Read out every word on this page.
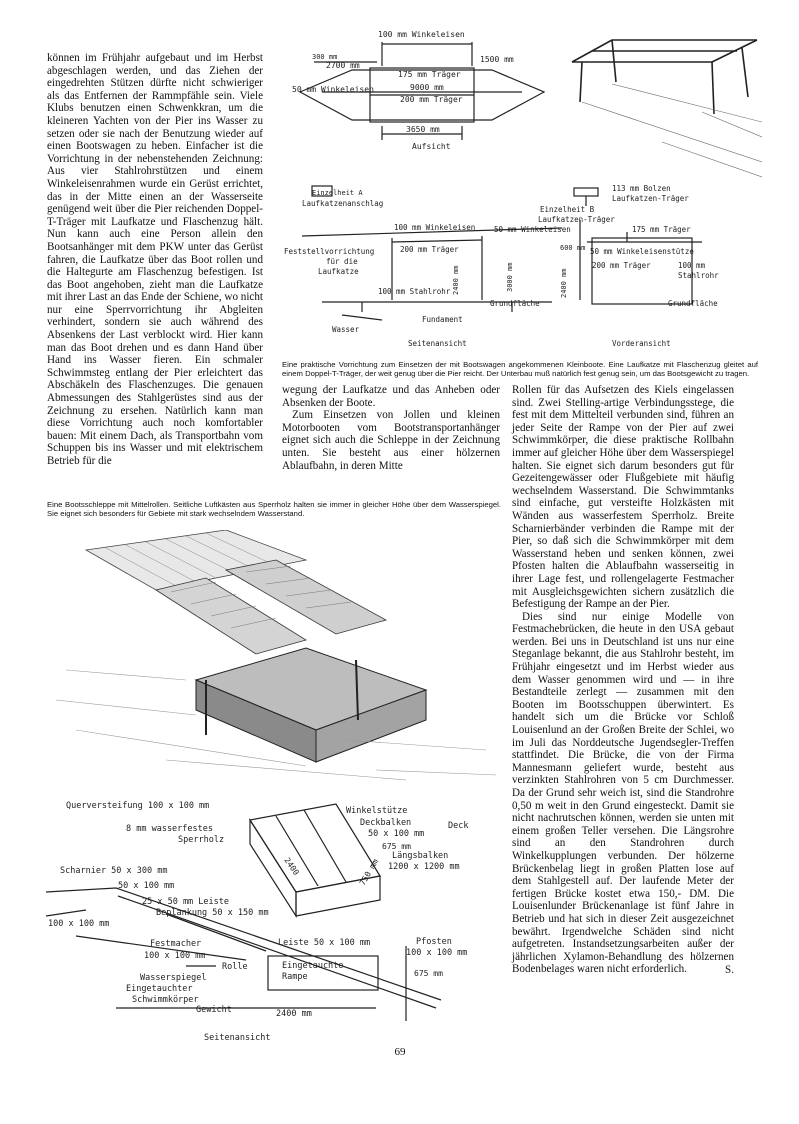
können im Frühjahr aufgebaut und im Herbst abgeschlagen werden, und das Ziehen der eingedrehten Stützen dürfte nicht schwieriger als das Entfernen der Rammpfähle sein. Viele Klubs benutzen einen Schwenkkran, um die kleineren Yachten von der Pier ins Wasser zu setzen oder sie nach der Benutzung wieder auf einen Bootswagen zu heben. Einfacher ist die Vorrichtung in der nebenstehenden Zeichnung: Aus vier Stahlrohrstützen und einem Winkeleisenrahmen wurde ein Gerüst errichtet, das in der Mitte einen an der Wasserseite genügend weit über die Pier reichenden Doppel-T-Träger mit Laufkatze und Flaschenzug hält. Nun kann auch eine Person allein den Bootsanhänger mit dem PKW unter das Gerüst fahren, die Laufkatze über das Boot rollen und die Haltegurte am Flaschenzug befestigen. Ist das Boot angehoben, zieht man die Laufkatze mit ihrer Last an das Ende der Schiene, wo nicht nur eine Sperrvorrichtung ihr Abgleiten verhindert, sondern sie auch während des Absenkens der Last verblockt wird. Hier kann man das Boot drehen und es dann Hand über Hand ins Wasser fieren. Ein schmaler Schwimmsteg entlang der Pier erleichtert das Abschäkeln des Flaschenzuges. Die genauen Abmessungen des Stahlgerüstes sind aus der Zeichnung zu ersehen. Natürlich kann man diese Vorrichtung auch noch komfortabler bauen: Mit einem Dach, als Transportbahn vom Schuppen bis ins Wasser und mit elektrischem Betrieb für die

100 mm Winkeleisen
300 mm
2700 mm
175 mm Träger
1500 mm
50 mm Winkeleisen	9000 mm
200 mm Träger
3650 mm
Aufsicht
Einzelheit A
Laufkatzenanschlag
113 mm Bolzen
Laufkatzen-Träger
Einzelheit B
Laufkatzen-Träger
100 mm Winkeleisen 50 mm Winkeleisen	175 mm Träger
Feststellvorrichtung
für die
Laufkatze
200 mm Träger	600 mm 50 mm Winkeleisenstütze
200 mm Träger	100 mm
Stahlrohr
2400 mm	3000 mm	2400 mm
100 mm Stahlrohr
Grundfläche	Grundfläche
Fundament
Wasser
Seitenansicht	Vorderansicht
Eine praktische Vorrichtung zum Einsetzen der mit Bootswagen angekommenen Kleinboote. Eine Laufkatze mit Flaschenzug gleitet auf einem Doppel-T-Träger, der weit genug über die Pier reicht. Der Unterbau muß natürlich fest genug sein, um das Bootsgewicht zu tragen.

wegung der Laufkatze und das Anheben oder Absenken der Boote.

Zum Einsetzen von Jollen und kleinen Motorbooten vom Bootstransportanhänger eignet sich auch die Schleppe in der Zeichnung unten. Sie besteht aus einer hölzernen Ablaufbahn, in deren Mitte

Rollen für das Aufsetzen des Kiels eingelassen sind. Zwei Stelling-artige Verbindungsstege, die fest mit dem Mittelteil verbunden sind, führen an jeder Seite der Rampe von der Pier auf zwei Schwimmkörper, die diese praktische Rollbahn immer auf gleicher Höhe über dem Wasserspiegel halten. Sie eignet sich darum besonders gut für Gezeitengewässer oder Flußgebiete mit häufig wechselndem Wasserstand. Die Schwimmtanks sind einfache, gut versteifte Holzkästen mit Wänden aus wasserfestem Sperrholz. Breite Scharnierbänder verbinden die Rampe mit der Pier, so daß sich die Schwimmkörper mit dem Wasserstand heben und senken können, zwei Pfosten halten die Ablaufbahn wasserseitig in ihrer Lage fest, und rollengelagerte Festmacher mit Ausgleichsgewichten sichern zusätzlich die Befestigung der Rampe an der Pier.

Dies sind nur einige Modelle von Festmachebrücken, die heute in den USA gebaut werden. Bei uns in Deutschland ist uns nur eine Steganlage bekannt, die aus Stahlrohr besteht, im Frühjahr eingesetzt und im Herbst wieder aus dem Wasser genommen wird und — in ihre Bestandteile zerlegt — zusammen mit den Booten im Bootsschuppen überwintert. Es handelt sich um die Brücke vor Schloß Louisenlund an der Großen Breite der Schlei, wo im Juli das Norddeutsche Jugendsegler-Treffen stattfindet. Die Brücke, die von der Firma Mannesmann geliefert wurde, besteht aus verzinkten Stahlrohren von 5 cm Durchmesser. Da der Grund sehr weich ist, sind die Standrohre 0,50 m weit in den Grund eingesteckt. Damit sie nicht nachrutschen können, werden sie unten mit einem großen Teller versehen. Die Längsrohre sind an den Standrohren durch Winkelkupplungen verbunden. Der hölzerne Brückenbelag liegt in großen Platten lose auf dem Stahlgestell auf. Der laufende Meter der fertigen Brücke kostet etwa 150,- DM. Die Louisenlunder Brückenanlage ist fünf Jahre in Betrieb und hat sich in dieser Zeit ausgezeichnet bewährt. Irgendwelche Schäden sind nicht aufgetreten. Instandsetzungsarbeiten außer der jährlichen Xylamon-Behandlung des hölzernen Bodenbelages waren nicht erforderlich.	S.

Eine Bootsschleppe mit Mittelrollen. Seitliche Luftkästen aus Sperrholz halten sie immer in gleicher Höhe über dem Wasserspiegel. Sie eignet sich besonders für Gebiete mit stark wechselndem Wasserstand.
Querversteifung 100 x 100 mm
8 mm wasserfestes
Sperrholz
Winkelstütze
Deckbalken
50 x 100 mm
Deck
675 mm
Längsbalken
1200 x 1200 mm
2400	750 mm
Scharnier 50 x 300 mm
50 x 100 mm
25 x 50 mm Leiste
Beplankung 50 x 150 mm
100 x 100 mm
Leiste 50 x 100 mm	Pfosten
100 x 100 mm
Festmacher
100 x 100 mm
Rolle
Wasserspiegel
Eingetauchter
Schwimmkörper
Gewicht
Eingetauchte
Rampe	675 mm
2400 mm
Seitenansicht
69
